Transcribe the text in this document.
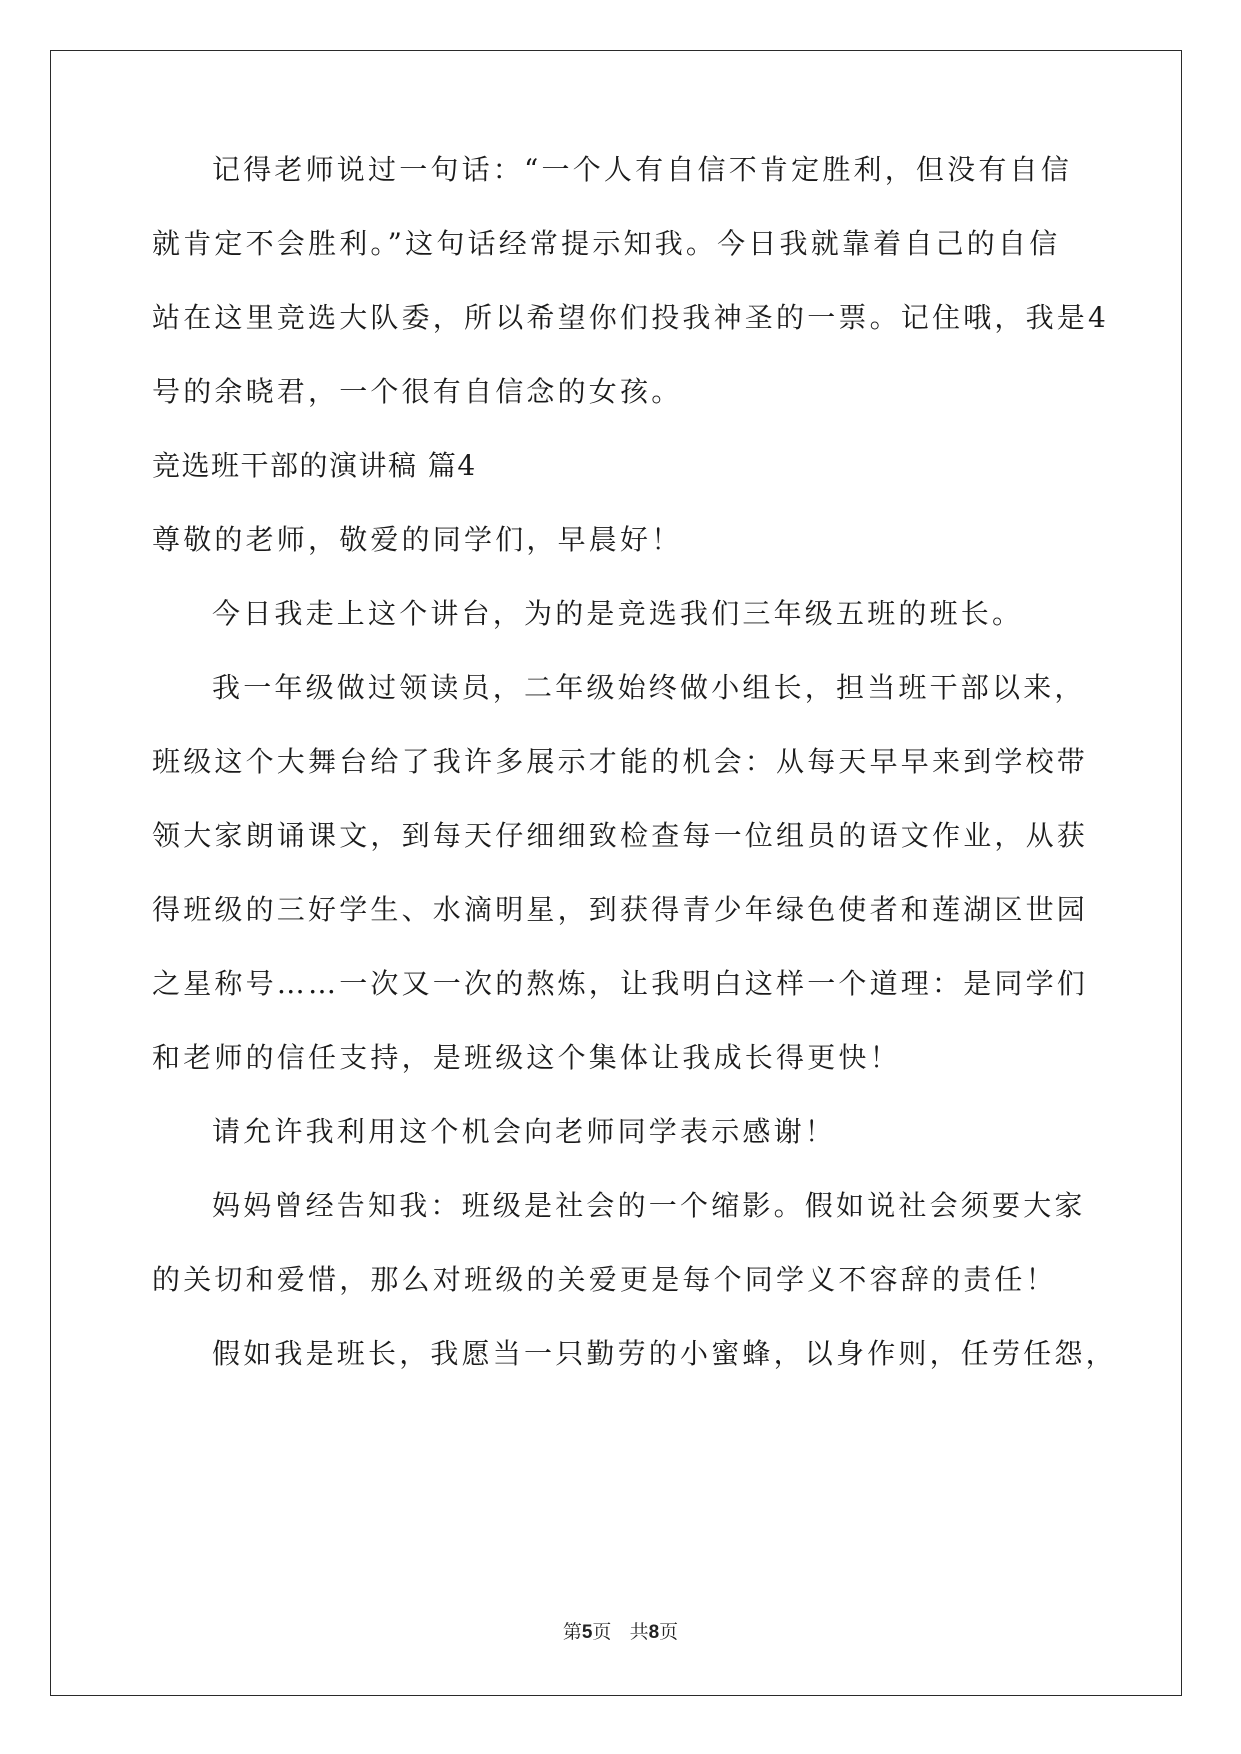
记得老师说过一句话：“一个人有自信不肯定胜利，但没有自信
就肯定不会胜利。”这句话经常提示知我。今日我就靠着自己的自信
站在这里竞选大队委，所以希望你们投我神圣的一票。记住哦，我是4
号的余晓君，一个很有自信念的女孩。
竞选班干部的演讲稿 篇4
尊敬的老师，敬爱的同学们，早晨好！
今日我走上这个讲台，为的是竞选我们三年级五班的班长。
我一年级做过领读员，二年级始终做小组长，担当班干部以来，
班级这个大舞台给了我许多展示才能的机会：从每天早早来到学校带
领大家朗诵课文，到每天仔细细致检查每一位组员的语文作业，从获
得班级的三好学生、水滴明星，到获得青少年绿色使者和莲湖区世园
之星称号……一次又一次的熬炼，让我明白这样一个道理：是同学们
和老师的信任支持，是班级这个集体让我成长得更快！
请允许我利用这个机会向老师同学表示感谢！
妈妈曾经告知我：班级是社会的一个缩影。假如说社会须要大家
的关切和爱惜，那么对班级的关爱更是每个同学义不容辞的责任！
假如我是班长，我愿当一只勤劳的小蜜蜂，以身作则，任劳任怨，
第5页 共8页
